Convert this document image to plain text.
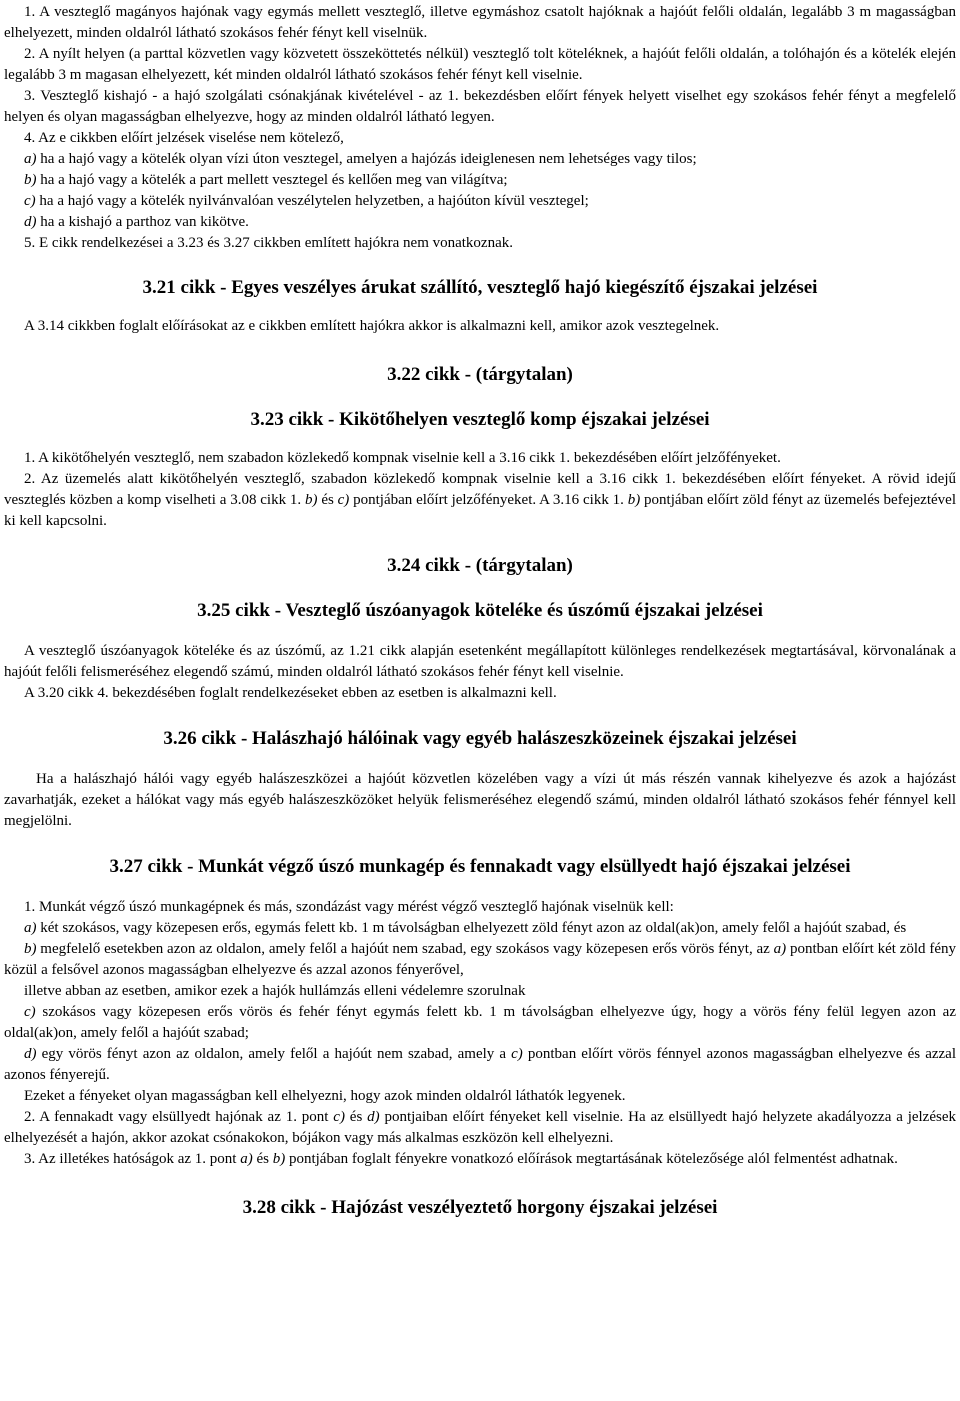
1. A veszteglő magányos hajónak vagy egymás mellett veszteglő, illetve egymáshoz csatolt hajóknak a hajóút felőli oldalán, legalább 3 m magasságban elhelyezett, minden oldalról látható szokásos fehér fényt kell viselnük.

2. A nyílt helyen (a parttal közvetlen vagy közvetett összeköttetés nélkül) veszteglő tolt köteléknek, a hajóút felőli oldalán, a tolóhajón és a kötelék elején legalább 3 m magasan elhelyezett, két minden oldalról látható szokásos fehér fényt kell viselnie.

3. Veszteglő kishajó - a hajó szolgálati csónakjának kivételével - az 1. bekezdésben előírt fények helyett viselhet egy szokásos fehér fényt a megfelelő helyen és olyan magasságban elhelyezve, hogy az minden oldalról látható legyen.

4. Az e cikkben előírt jelzések viselése nem kötelező,

a) ha a hajó vagy a kötelék olyan vízi úton vesztegel, amelyen a hajózás ideiglenesen nem lehetséges vagy tilos;

b) ha a hajó vagy a kötelék a part mellett vesztegel és kellően meg van világítva;

c) ha a hajó vagy a kötelék nyilvánvalóan veszélytelen helyzetben, a hajóúton kívül vesztegel;

d) ha a kishajó a parthoz van kikötve.

5. E cikk rendelkezései a 3.23 és 3.27 cikkben említett hajókra nem vonatkoznak.

3.21 cikk - Egyes veszélyes árukat szállító, veszteglő hajó kiegészítő éjszakai jelzései

A 3.14 cikkben foglalt előírásokat az e cikkben említett hajókra akkor is alkalmazni kell, amikor azok vesztegelnek.

3.22 cikk - (tárgytalan)
3.23 cikk - Kikötőhelyen veszteglő komp éjszakai jelzései

1. A kikötőhelyén veszteglő, nem szabadon közlekedő kompnak viselnie kell a 3.16 cikk 1. bekezdésében előírt jelzőfényeket.

2. Az üzemelés alatt kikötőhelyén veszteglő, szabadon közlekedő kompnak viselnie kell a 3.16 cikk 1. bekezdésében előírt fényeket. A rövid idejű veszteglés közben a komp viselheti a 3.08 cikk 1. b) és c) pontjában előírt jelzőfényeket. A 3.16 cikk 1. b) pontjában előírt zöld fényt az üzemelés befejeztével ki kell kapcsolni.

3.24 cikk - (tárgytalan)
3.25 cikk - Veszteglő úszóanyagok köteléke és úszómű éjszakai jelzései

A veszteglő úszóanyagok köteléke és az úszómű, az 1.21 cikk alapján esetenként megállapított különleges rendelkezések megtartásával, körvonalának a hajóút felőli felismeréséhez elegendő számú, minden oldalról látható szokásos fehér fényt kell viselnie.

A 3.20 cikk 4. bekezdésében foglalt rendelkezéseket ebben az esetben is alkalmazni kell.

3.26 cikk - Halászhajó hálóinak vagy egyéb halászeszközeinek éjszakai jelzései

Ha a halászhajó hálói vagy egyéb halászeszközei a hajóút közvetlen közelében vagy a vízi út más részén vannak kihelyezve és azok a hajózást zavarhatják, ezeket a hálókat vagy más egyéb halászeszközöket helyük felismeréséhez elegendő számú, minden oldalról látható szokásos fehér fénnyel kell megjelölni.

3.27 cikk - Munkát végző úszó munkagép és fennakadt vagy elsüllyedt hajó éjszakai jelzései

1. Munkát végző úszó munkagépnek és más, szondázást vagy mérést végző veszteglő hajónak viselnük kell:

a) két szokásos, vagy közepesen erős, egymás felett kb. 1 m távolságban elhelyezett zöld fényt azon az oldal(ak)on, amely felől a hajóút szabad, és

b) megfelelő esetekben azon az oldalon, amely felől a hajóút nem szabad, egy szokásos vagy közepesen erős vörös fényt, az a) pontban előírt két zöld fény közül a felsővel azonos magasságban elhelyezve és azzal azonos fényerővel,

illetve abban az esetben, amikor ezek a hajók hullámzás elleni védelemre szorulnak

c) szokásos vagy közepesen erős vörös és fehér fényt egymás felett kb. 1 m távolságban elhelyezve úgy, hogy a vörös fény felül legyen azon az oldal(ak)on, amely felől a hajóút szabad;

d) egy vörös fényt azon az oldalon, amely felől a hajóút nem szabad, amely a c) pontban előírt vörös fénnyel azonos magasságban elhelyezve és azzal azonos fényerejű.

Ezeket a fényeket olyan magasságban kell elhelyezni, hogy azok minden oldalról láthatók legyenek.

2. A fennakadt vagy elsüllyedt hajónak az 1. pont c) és d) pontjaiban előírt fényeket kell viselnie. Ha az elsüllyedt hajó helyzete akadályozza a jelzések elhelyezését a hajón, akkor azokat csónakokon, bójákon vagy más alkalmas eszközön kell elhelyezni.

3. Az illetékes hatóságok az 1. pont a) és b) pontjában foglalt fényekre vonatkozó előírások megtartásának kötelezősége alól felmentést adhatnak.

3.28 cikk - Hajózást veszélyeztető horgony éjszakai jelzései
